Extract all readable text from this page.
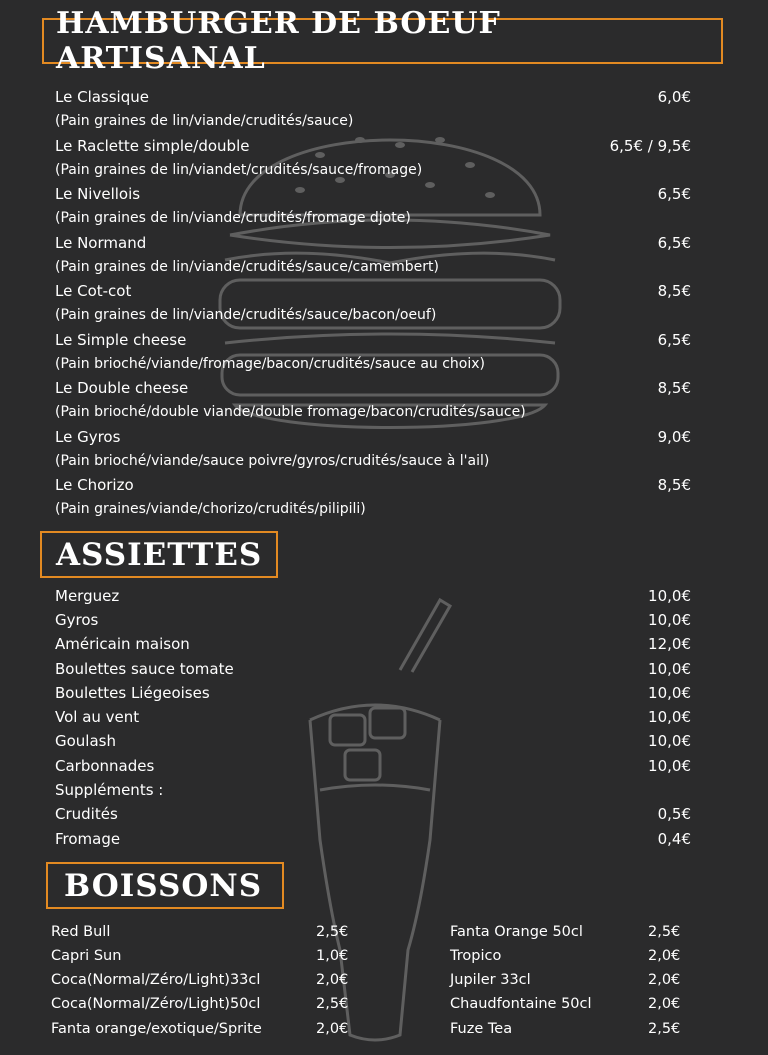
HAMBURGER DE BOEUF ARTISANAL
Le Classique	6,0€
(Pain graines de lin/viande/crudités/sauce)
Le Raclette simple/double	6,5€ / 9,5€
(Pain graines de lin/viandet/crudités/sauce/fromage)
Le Nivellois	6,5€
(Pain graines de lin/viande/crudités/fromage djote)
Le Normand	6,5€
(Pain graines de lin/viande/crudités/sauce/camembert)
Le Cot-cot	8,5€
(Pain graines de lin/viande/crudités/sauce/bacon/oeuf)
Le Simple cheese	6,5€
(Pain brioché/viande/fromage/bacon/crudités/sauce au choix)
Le Double cheese	8,5€
(Pain brioché/double viande/double fromage/bacon/crudités/sauce)
Le Gyros	9,0€
(Pain brioché/viande/sauce poivre/gyros/crudités/sauce à l'ail)
Le Chorizo	8,5€
(Pain graines/viande/chorizo/crudités/pilipili)
ASSIETTES
Merguez	10,0€
Gyros	10,0€
Américain maison	12,0€
Boulettes sauce tomate	10,0€
Boulettes Liégeoises	10,0€
Vol au vent	10,0€
Goulash	10,0€
Carbonnades	10,0€
Suppléments :
Crudités	0,5€
Fromage	0,4€
BOISSONS
Red Bull	2,5€
Capri Sun	1,0€
Coca(Normal/Zéro/Light)33cl	2,0€
Coca(Normal/Zéro/Light)50cl	2,5€
Fanta orange/exotique/Sprite	2,0€
Fanta Orange 50cl	2,5€
Tropico	2,0€
Jupiler 33cl	2,0€
Chaudfontaine 50cl	2,0€
Fuze Tea	2,5€
